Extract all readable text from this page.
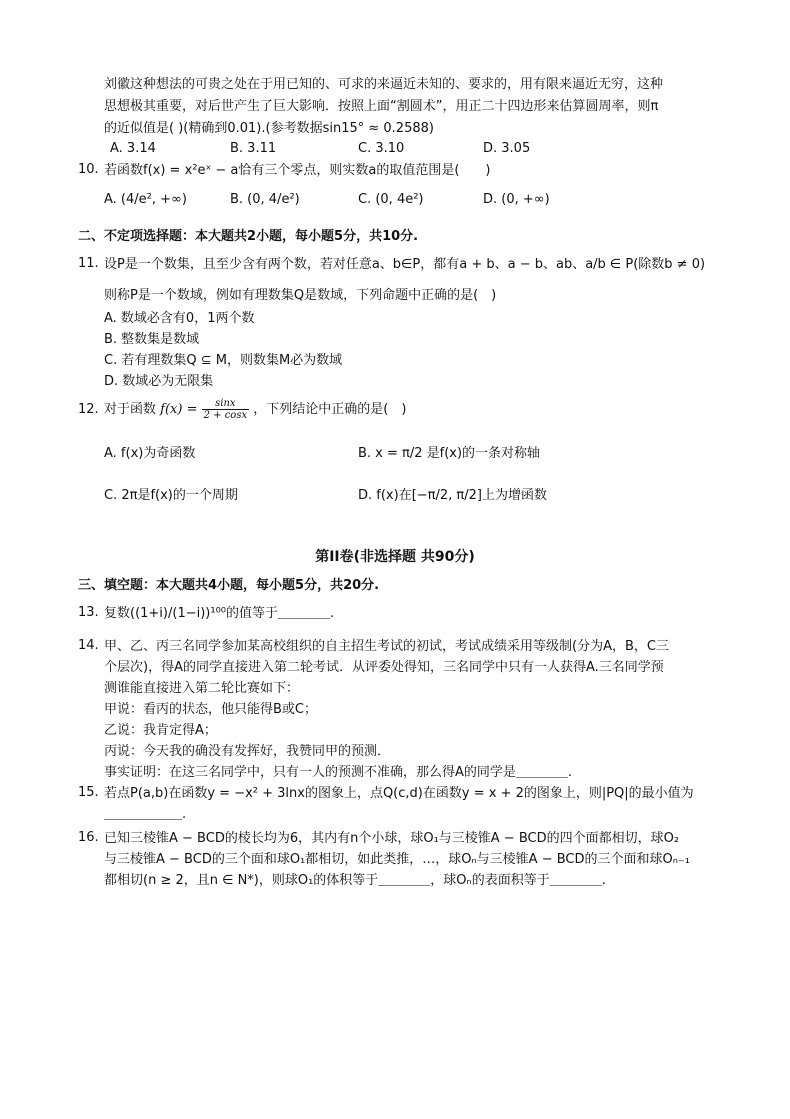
刘徽这种想法的可贵之处在于用已知的、可求的来逼近未知的、要求的，用有限来逼近无穷，这种
思想极其重要，对后世产生了巨大影响．按照上面“割圆术”，用正二十四边形来估算圆周率，则π
的近似值是( )(精确到0.01).(参考数据sin15° ≈ 0.2588)
A. 3.14	B. 3.11	C. 3.10	D. 3.05
10. 若函数f(x) = x²eˣ − a恰有三个零点，则实数a的取值范围是(　　)
A. (4/e², +∞)	B. (0, 4/e²)	C. (0, 4e²)	D. (0, +∞)
二、不定项选择题：本大题共2小题，每小题5分，共10分.
11. 设P是一个数集，且至少含有两个数，若对任意a、b∈P，都有a + b、a − b、ab、a/b ∈ P(除数b ≠ 0)
则称P是一个数域，例如有理数集Q是数域，下列命题中正确的是(　)
A. 数域必含有0，1两个数
B. 整数集是数域
C. 若有理数集Q ⊆ M，则数集M必为数域
D. 数域必为无限集
12. 对于函数 $f(x) = \frac{\sin x}{2 + \cos x}$ ，下列结论中正确的是(　)
A. f(x)为奇函数	B. x = π/2 是f(x)的一条对称轴
C. 2π是f(x)的一个周期	D. f(x)在[−π/2, π/2]上为增函数
第II卷(非选择题 共90分)
三、填空题：本大题共4小题，每小题5分，共20分.
13. 复数((1+i)/(1−i))¹⁰⁰的值等于＿＿＿＿.
14. 甲、乙、丙三名同学参加某高校组织的自主招生考试的初试，考试成绩采用等级制(分为A，B，C三
个层次)，得A的同学直接进入第二轮考试．从评委处得知，三名同学中只有一人获得A.三名同学预
测谁能直接进入第二轮比赛如下：
甲说：看丙的状态，他只能得B或C；
乙说：我肯定得A；
丙说：今天我的确没有发挥好，我赞同甲的预测．
事实证明：在这三名同学中，只有一人的预测不准确，那么得A的同学是＿＿＿＿.
15. 若点P(a,b)在函数y = −x² + 3lnx的图象上，点Q(c,d)在函数y = x + 2的图象上，则|PQ|的最小值为
＿＿＿＿＿＿.
16. 已知三棱锥A − BCD的棱长均为6，其内有n个小球，球O₁与三棱锥A − BCD的四个面都相切，球O₂
与三棱锥A − BCD的三个面和球O₁都相切，如此类推，…，球Oₙ与三棱锥A − BCD的三个面和球Oₙ₋₁
都相切(n ≥ 2，且n ∈ N*)，则球O₁的体积等于＿＿＿＿，球Oₙ的表面积等于＿＿＿＿.
